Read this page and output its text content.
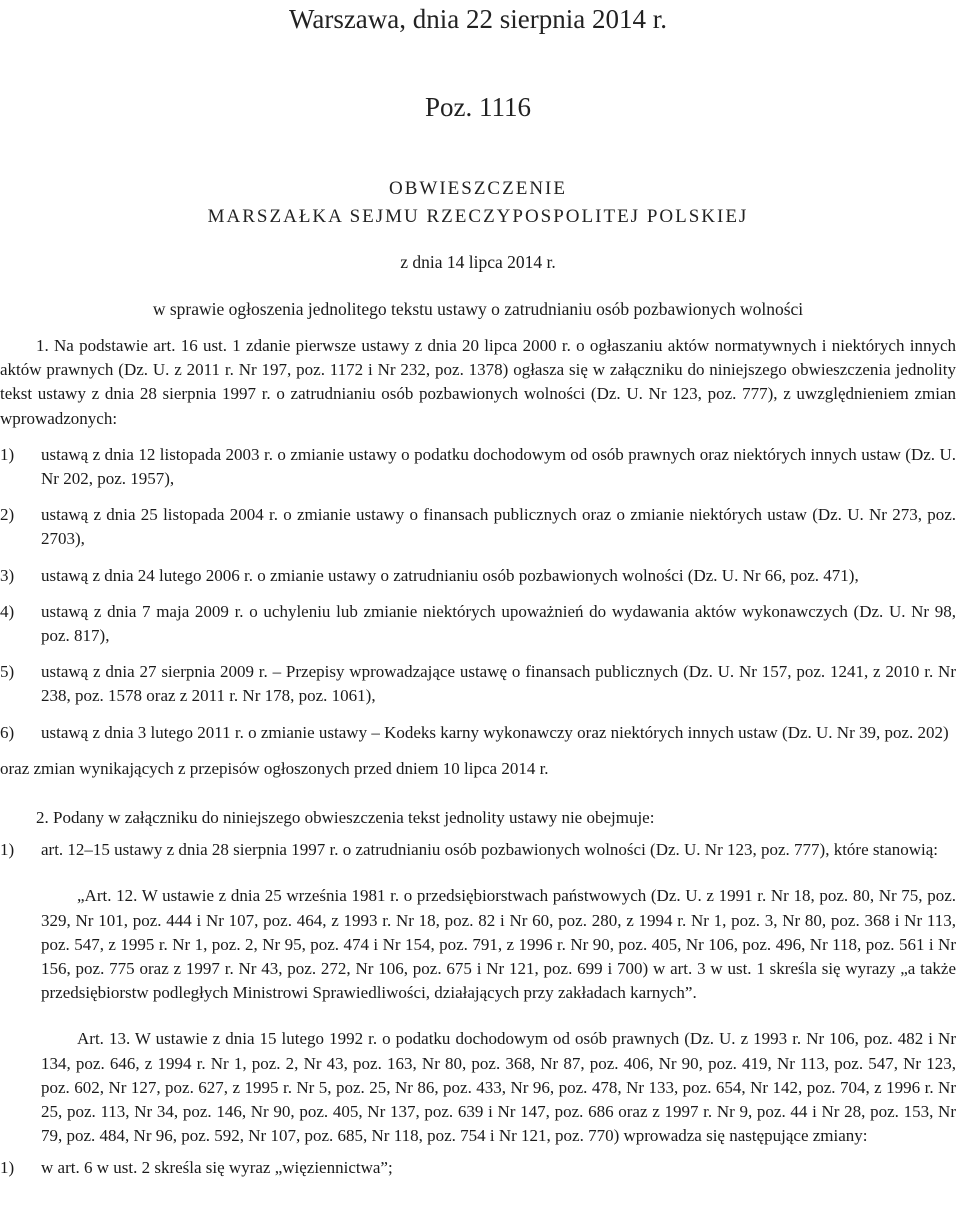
Warszawa, dnia 22 sierpnia 2014 r.
Poz. 1116
OBWIESZCZENIE
MARSZAŁKA SEJMU RZECZYPOSPOLITEJ POLSKIEJ
z dnia 14 lipca 2014 r.
w sprawie ogłoszenia jednolitego tekstu ustawy o zatrudnianiu osób pozbawionych wolności

1. Na podstawie art. 16 ust. 1 zdanie pierwsze ustawy z dnia 20 lipca 2000 r. o ogłaszaniu aktów normatywnych i niektórych innych aktów prawnych (Dz. U. z 2011 r. Nr 197, poz. 1172 i Nr 232, poz. 1378) ogłasza się w załączniku do niniejszego obwieszczenia jednolity tekst ustawy z dnia 28 sierpnia 1997 r. o zatrudnianiu osób pozbawionych wolności (Dz. U. Nr 123, poz. 777), z uwzględnieniem zmian wprowadzonych:

1) ustawą z dnia 12 listopada 2003 r. o zmianie ustawy o podatku dochodowym od osób prawnych oraz niektórych innych ustaw (Dz. U. Nr 202, poz. 1957),
2) ustawą z dnia 25 listopada 2004 r. o zmianie ustawy o finansach publicznych oraz o zmianie niektórych ustaw (Dz. U. Nr 273, poz. 2703),
3) ustawą z dnia 24 lutego 2006 r. o zmianie ustawy o zatrudnianiu osób pozbawionych wolności (Dz. U. Nr 66, poz. 471),
4) ustawą z dnia 7 maja 2009 r. o uchyleniu lub zmianie niektórych upoważnień do wydawania aktów wykonawczych (Dz. U. Nr 98, poz. 817),
5) ustawą z dnia 27 sierpnia 2009 r. – Przepisy wprowadzające ustawę o finansach publicznych (Dz. U. Nr 157, poz. 1241, z 2010 r. Nr 238, poz. 1578 oraz z 2011 r. Nr 178, poz. 1061),
6) ustawą z dnia 3 lutego 2011 r. o zmianie ustawy – Kodeks karny wykonawczy oraz niektórych innych ustaw (Dz. U. Nr 39, poz. 202)

oraz zmian wynikających z przepisów ogłoszonych przed dniem 10 lipca 2014 r.

2. Podany w załączniku do niniejszego obwieszczenia tekst jednolity ustawy nie obejmuje:

1) art. 12–15 ustawy z dnia 28 sierpnia 1997 r. o zatrudnianiu osób pozbawionych wolności (Dz. U. Nr 123, poz. 777), które stanowią:

„Art. 12. W ustawie z dnia 25 września 1981 r. o przedsiębiorstwach państwowych (Dz. U. z 1991 r. Nr 18, poz. 80, Nr 75, poz. 329, Nr 101, poz. 444 i Nr 107, poz. 464, z 1993 r. Nr 18, poz. 82 i Nr 60, poz. 280, z 1994 r. Nr 1, poz. 3, Nr 80, poz. 368 i Nr 113, poz. 547, z 1995 r. Nr 1, poz. 2, Nr 95, poz. 474 i Nr 154, poz. 791, z 1996 r. Nr 90, poz. 405, Nr 106, poz. 496, Nr 118, poz. 561 i Nr 156, poz. 775 oraz z 1997 r. Nr 43, poz. 272, Nr 106, poz. 675 i Nr 121, poz. 699 i 700) w art. 3 w ust. 1 skreśla się wyrazy „a także przedsiębiorstw podległych Ministrowi Sprawiedliwości, działających przy zakładach karnych”.

Art. 13. W ustawie z dnia 15 lutego 1992 r. o podatku dochodowym od osób prawnych (Dz. U. z 1993 r. Nr 106, poz. 482 i Nr 134, poz. 646, z 1994 r. Nr 1, poz. 2, Nr 43, poz. 163, Nr 80, poz. 368, Nr 87, poz. 406, Nr 90, poz. 419, Nr 113, poz. 547, Nr 123, poz. 602, Nr 127, poz. 627, z 1995 r. Nr 5, poz. 25, Nr 86, poz. 433, Nr 96, poz. 478, Nr 133, poz. 654, Nr 142, poz. 704, z 1996 r. Nr 25, poz. 113, Nr 34, poz. 146, Nr 90, poz. 405, Nr 137, poz. 639 i Nr 147, poz. 686 oraz z 1997 r. Nr 9, poz. 44 i Nr 28, poz. 153, Nr 79, poz. 484, Nr 96, poz. 592, Nr 107, poz. 685, Nr 118, poz. 754 i Nr 121, poz. 770) wprowadza się następujące zmiany:

1) w art. 6 w ust. 2 skreśla się wyraz „więziennictwa”;
